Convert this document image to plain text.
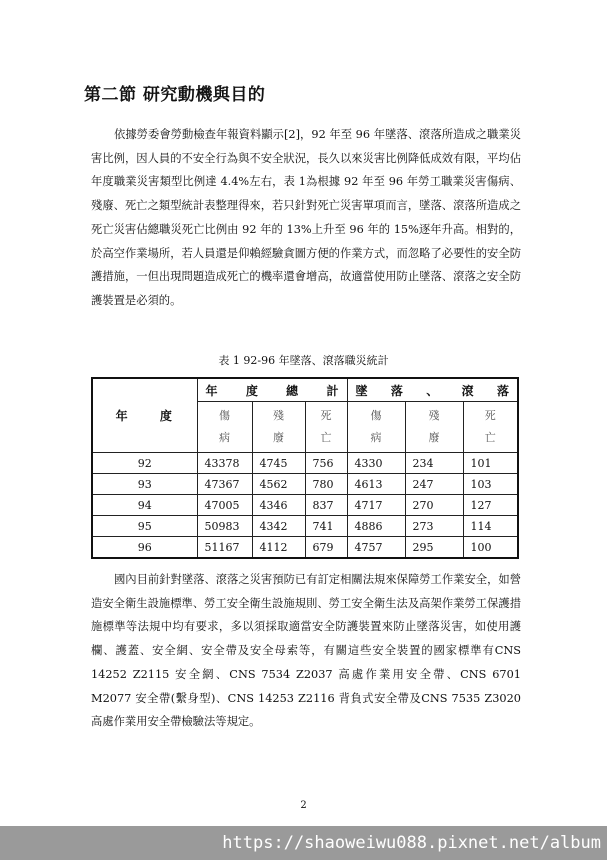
第二節 研究動機與目的

依據勞委會勞動檢查年報資料顯示[2]，92 年至 96 年墜落、滾落所造成之職業災害比例，因人員的不安全行為與不安全狀況，長久以來災害比例降低成效有限，平均佔年度職業災害類型比例達 4.4%左右，表 1為根據 92 年至 96 年勞工職業災害傷病、殘廢、死亡之類型統計表整理得來，若只針對死亡災害單項而言，墜落、滾落所造成之死亡災害佔總職災死亡比例由 92 年的 13%上升至 96 年的 15%逐年升高。相對的，於高空作業場所，若人員還是仰賴經驗貪圖方便的作業方式，而忽略了必要性的安全防護措施，一但出現問題造成死亡的機率還會增高，故適當使用防止墜落、滾落之安全防護裝置是必須的。

表 1 92-96 年墜落、滾落職災統計

年 度	年度總計			墜落、滾落		
	傷病	殘廢	死亡	傷病	殘廢	死亡
92	43378	4745	756	4330	234	101
93	47367	4562	780	4613	247	103
94	47005	4346	837	4717	270	127
95	50983	4342	741	4886	273	114
96	51167	4112	679	4757	295	100

國內目前針對墜落、滾落之災害預防已有訂定相關法規來保障勞工作業安全，如營造安全衛生設施標準、勞工安全衛生設施規則、勞工安全衛生法及高架作業勞工保護措施標準等法規中均有要求，多以須採取適當安全防護裝置來防止墜落災害，如使用護欄、護蓋、安全網、安全帶及安全母索等，有關這些安全裝置的國家標準有CNS 14252 Z2115 安全網、CNS 7534 Z2037 高處作業用安全帶、CNS 6701 M2077 安全帶(繫身型)、CNS 14253 Z2116 背負式安全帶及CNS 7535 Z3020 高處作業用安全帶檢驗法等規定。

2

https://shaoweiwu088.pixnet.net/album
